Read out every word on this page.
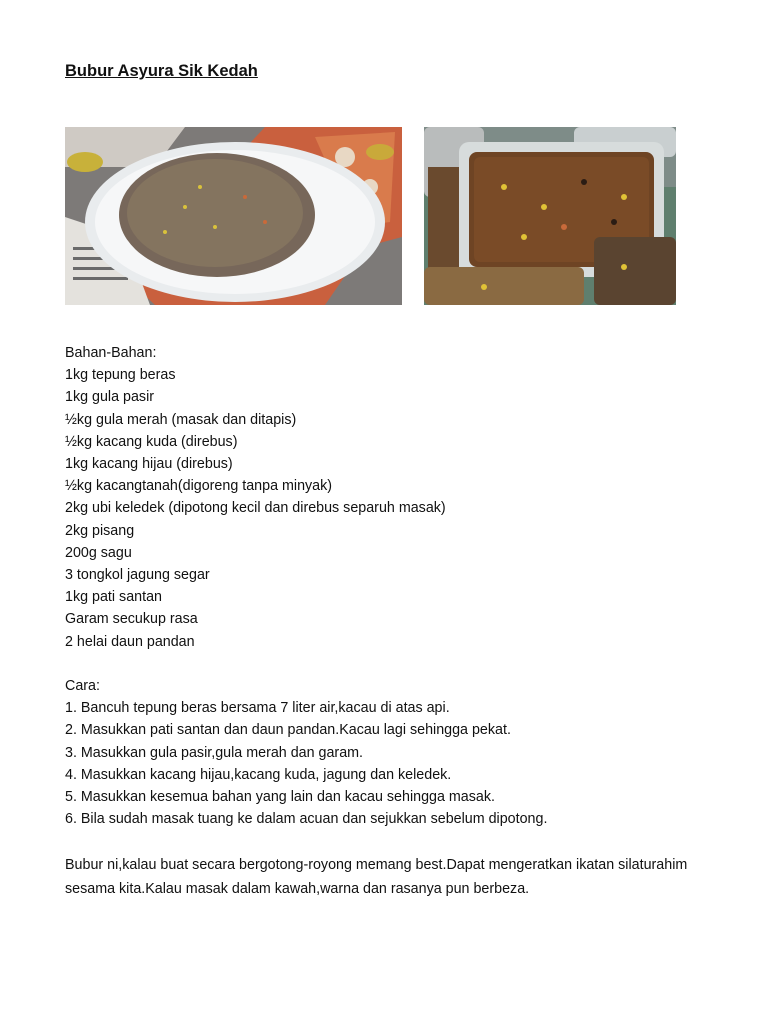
Bubur Asyura Sik Kedah
Bahan-Bahan:
1kg tepung beras
1kg gula pasir
½kg gula merah (masak dan ditapis)
½kg kacang kuda (direbus)
1kg kacang hijau (direbus)
½kg kacangtanah(digoreng tanpa minyak)
2kg ubi keledek (dipotong kecil dan direbus separuh masak)
2kg pisang
200g sagu
3 tongkol jagung segar
1kg pati santan
Garam secukup rasa
2 helai daun pandan
Cara:
1. Bancuh tepung beras bersama 7 liter air,kacau di atas api.
2. Masukkan pati santan dan daun pandan.Kacau lagi sehingga pekat.
3. Masukkan gula pasir,gula merah dan garam.
4. Masukkan kacang hijau,kacang kuda, jagung dan keledek.
5. Masukkan kesemua bahan yang lain dan kacau sehingga masak.
6. Bila sudah masak tuang ke dalam acuan dan sejukkan sebelum dipotong.

Bubur ni,kalau buat secara bergotong-royong memang best.Dapat mengeratkan ikatan silaturahim sesama kita.Kalau masak dalam kawah,warna dan rasanya pun berbeza.
